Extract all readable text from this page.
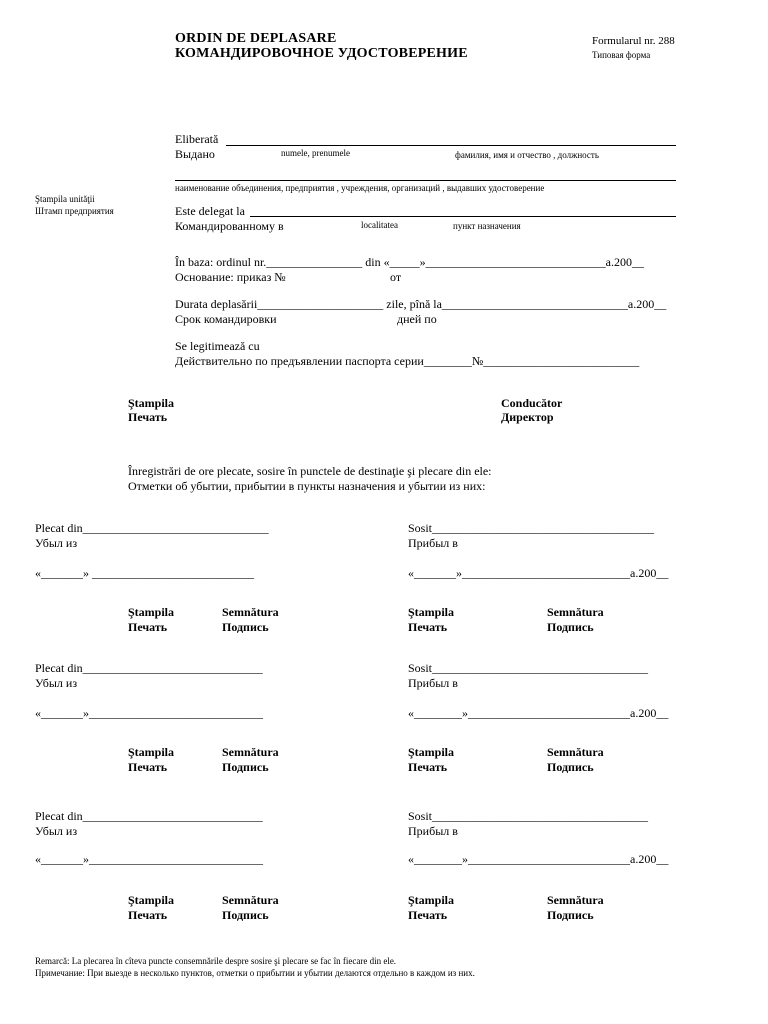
ORDIN DE DEPLASARE
КОМАНДИРОВОЧНОЕ УДОСТОВЕРЕНИЕ
Formularul nr. 288
Типовая форма
Ştampila unităţii
Штамп предприятия
Eliberată
Выдано	numele, prenumele	фамилия, имя и отчество , должность
наименование объединения, предприятия , учреждения, организаций , выдавших удостоверение
Este delegat la
Командированному в	localitatea	пункт назначения
În baza: ordinul nr.________________ din «_____»______________________________a.200__
Основание: приказ №	от
Durata deplasării_____________________ zile, pînă la_______________________________a.200__
Срок командировки	дней по
Se legitimează cu
Действительно по предъявлении паспорта серии________№__________________________
Ştampila
Печать
Conducător
Директор
Înregistrări de ore plecate, sosire în punctele de destinaţie şi plecare din ele:
Отметки об убытии, прибытии в пункты назначения и убытии из них:
Plecat din_______________________________
Убыл из
«_______» ___________________________
Sosit_____________________________________
Прибыл в
«_______»____________________________a.200__
Ştampila
Печать
Semnătura
Подпись
Ştampila
Печать
Semnătura
Подпись
Plecat din______________________________
Убыл из
«_______»_____________________________
Sosit____________________________________
Прибыл в
«________»___________________________a.200__
Ştampila
Печать
Semnătura
Подпись
Ştampila
Печать
Semnătura
Подпись
Plecat din______________________________
Убыл из
«_______»_____________________________
Sosit____________________________________
Прибыл в
«________»___________________________a.200__
Ştampila
Печать
Semnătura
Подпись
Ştampila
Печать
Semnătura
Подпись
Remarcă: La plecarea în cîteva puncte consemnările despre sosire şi plecare se fac în fiecare din ele.
Примечание: При выезде в несколько пунктов, отметки о прибытии и убытии делаются отдельно в каждом из них.
